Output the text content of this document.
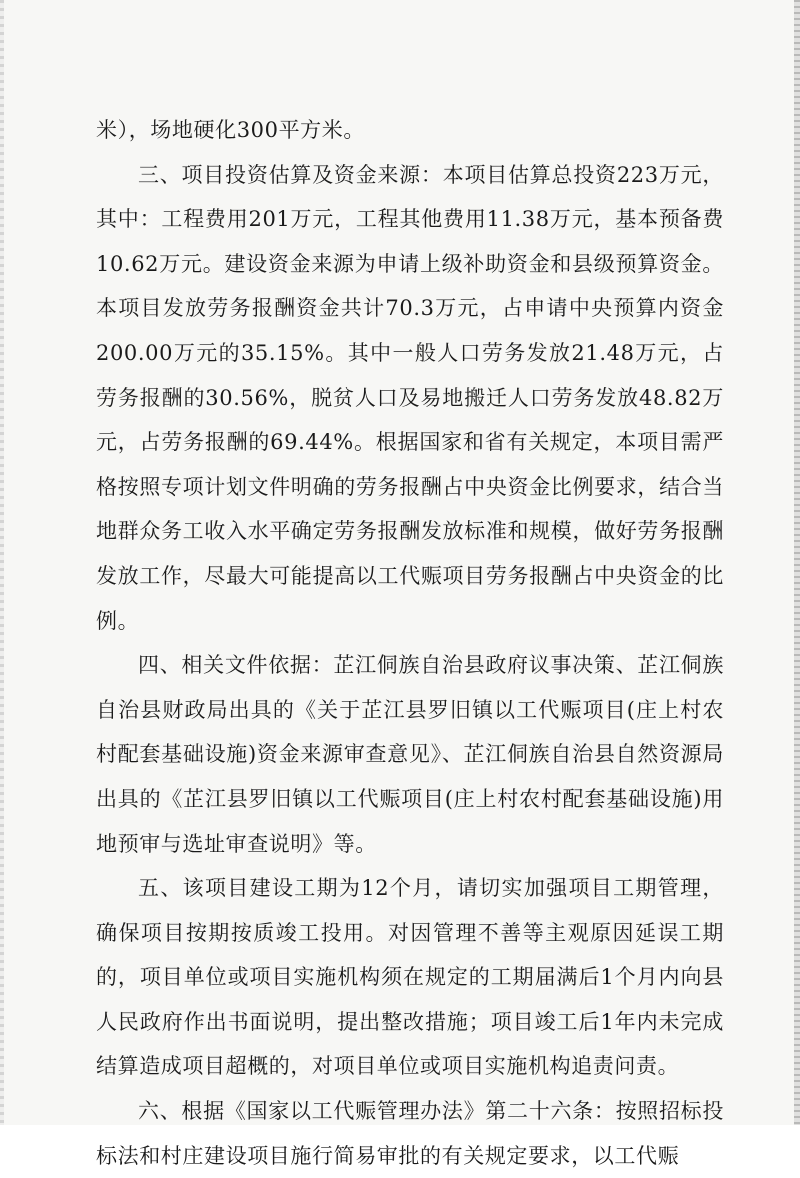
米），场地硬化300平方米。

三、项目投资估算及资金来源：本项目估算总投资223万元，其中：工程费用201万元，工程其他费用11.38万元，基本预备费10.62万元。建设资金来源为申请上级补助资金和县级预算资金。本项目发放劳务报酬资金共计70.3万元，占申请中央预算内资金200.00万元的35.15%。其中一般人口劳务发放21.48万元，占劳务报酬的30.56%，脱贫人口及易地搬迁人口劳务发放48.82万元，占劳务报酬的69.44%。根据国家和省有关规定，本项目需严格按照专项计划文件明确的劳务报酬占中央资金比例要求，结合当地群众务工收入水平确定劳务报酬发放标准和规模，做好劳务报酬发放工作，尽最大可能提高以工代赈项目劳务报酬占中央资金的比例。

四、相关文件依据：芷江侗族自治县政府议事决策、芷江侗族自治县财政局出具的《关于芷江县罗旧镇以工代赈项目(庄上村农村配套基础设施)资金来源审查意见》、芷江侗族自治县自然资源局出具的《芷江县罗旧镇以工代赈项目(庄上村农村配套基础设施)用地预审与选址审查说明》等。

五、该项目建设工期为12个月，请切实加强项目工期管理，确保项目按期按质竣工投用。对因管理不善等主观原因延误工期的，项目单位或项目实施机构须在规定的工期届满后1个月内向县人民政府作出书面说明，提出整改措施；项目竣工后1年内未完成结算造成项目超概的，对项目单位或项目实施机构追责问责。

六、根据《国家以工代赈管理办法》第二十六条：按照招标投标法和村庄建设项目施行简易审批的有关规定要求，以工代赈
